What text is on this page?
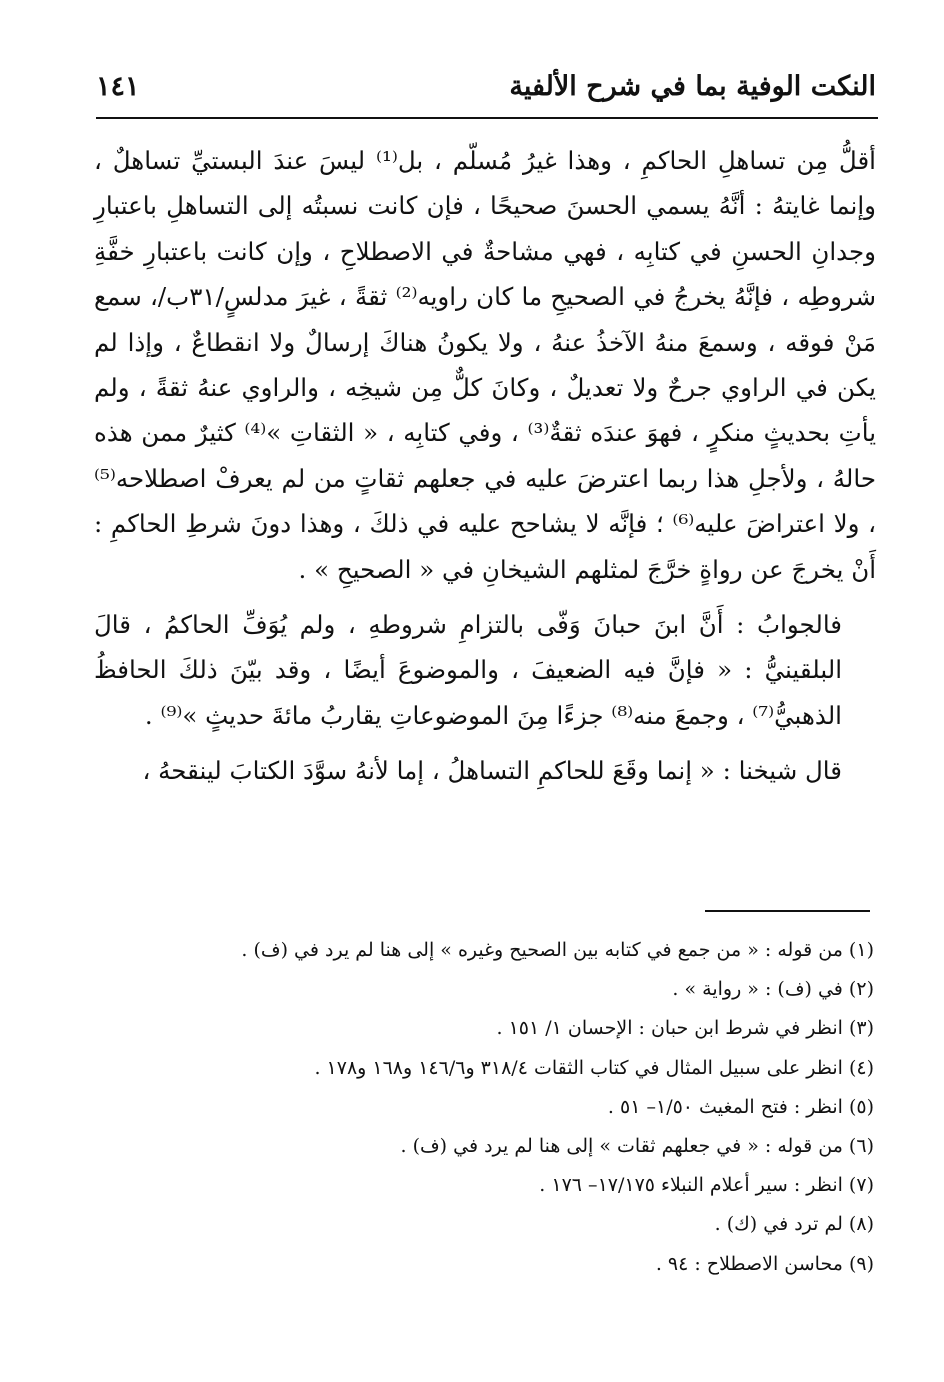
النكت الوفية بما في شرح الألفية
١٤١

أقلُّ مِن تساهلِ الحاكمِ ، وهذا غيرُ مُسلّم ، بل⁽¹⁾ ليسَ عندَ البستيِّ تساهلٌ ، وإنما غايتهُ : أنَّهُ يسمي الحسنَ صحيحًا ، فإن كانت نسبتُه إلى التساهلِ باعتبارِ وجدانِ الحسنِ في كتابِه ، فهي مشاحةٌ في الاصطلاحِ ، وإن كانت باعتبارِ خفَّةِ شروطِه ، فإنَّهُ يخرجُ في الصحيحِ ما كان راويه⁽²⁾ ثقةً ، غيرَ مدلسٍ/٣١ب/، سمع مَنْ فوقه ، وسمعَ منهُ الآخذُ عنهُ ، ولا يكونُ هناكَ إرسالٌ ولا انقطاعٌ ، وإذا لم يكن في الراوي جرحٌ ولا تعديلٌ ، وكانَ كلٌّ مِن شيخِه ، والراوي عنهُ ثقةً ، ولم يأتِ بحديثٍ منكرٍ ، فهوَ عندَه ثقةٌ⁽³⁾ ، وفي كتابِه ، « الثقاتِ »⁽⁴⁾ كثيرٌ ممن هذه حالهُ ، ولأجلِ هذا ربما اعترضَ عليه في جعلهم ثقاتٍ من لم يعرفْ اصطلاحه⁽⁵⁾ ، ولا اعتراضَ عليه⁽⁶⁾ ؛ فإنَّه لا يشاحح عليه في ذلكَ ، وهذا دونَ شرطِ الحاكمِ : أَنْ يخرجَ عن رواةٍ خرَّجَ لمثلهم الشيخانِ في « الصحيحِ » .

فالجوابُ : أَنَّ ابنَ حبانَ وَفّى بالتزامِ شروطهِ ، ولم يُوَفِّ الحاكمُ ، قالَ البلقينيُّ : « فإنَّ فيه الضعيفَ ، والموضوعَ أيضًا ، وقد بيّنَ ذلكَ الحافظُ الذهبيُّ⁽⁷⁾ ، وجمعَ منه⁽⁸⁾ جزءًا مِنَ الموضوعاتِ يقاربُ مائةَ حديثٍ »⁽⁹⁾ .

قال شيخنا : « إنما وقَعَ للحاكمِ التساهلُ ، إما لأنهُ سوَّدَ الكتابَ لينقحهُ ،

(١) من قوله : « من جمع في كتابه بين الصحيح وغيره » إلى هنا لم يرد في (ف) .

(٢) في (ف) : « رواية » .

(٣) انظر في شرط ابن حبان : الإحسان ١/ ١٥١ .

(٤) انظر على سبيل المثال في كتاب الثقات ٣١٨/٤ و١٤٦/٦ و١٦٨ و١٧٨ .

(٥) انظر : فتح المغيث ١/٥٠– ٥١ .

(٦) من قوله : « في جعلهم ثقات » إلى هنا لم يرد في (ف) .

(٧) انظر : سير أعلام النبلاء ١٧/١٧٥– ١٧٦ .

(٨) لم ترد في (ك) .

(٩) محاسن الاصطلاح : ٩٤ .
